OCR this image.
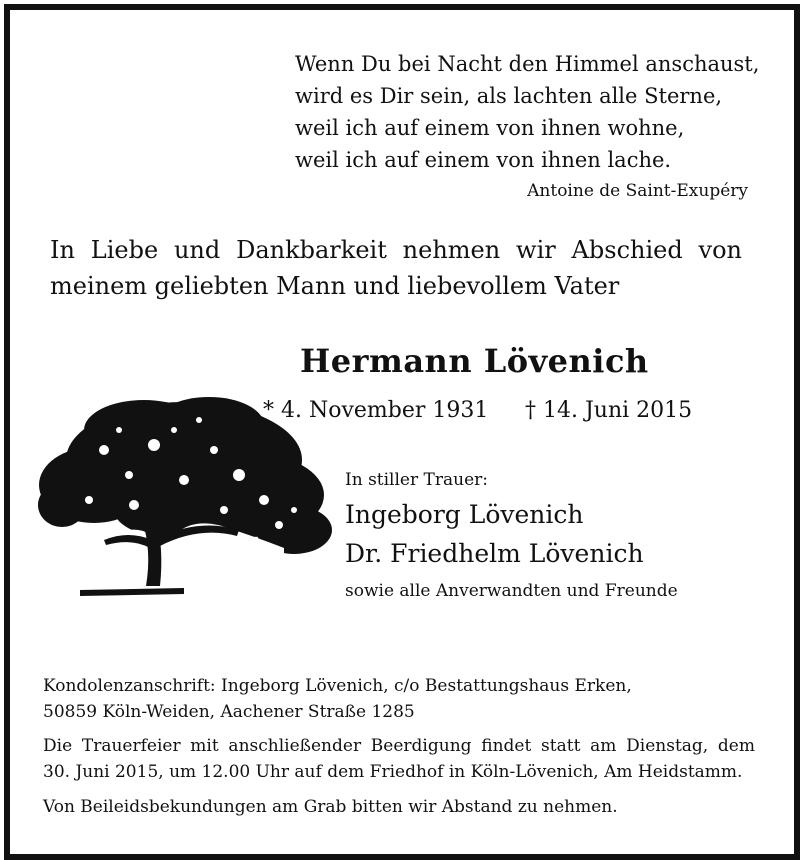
Wenn Du bei Nacht den Himmel anschaust,
wird es Dir sein, als lachten alle Sterne,
weil ich auf einem von ihnen wohne,
weil ich auf einem von ihnen lache.
Antoine de Saint-Exupéry
In Liebe und Dankbarkeit nehmen wir Abschied von
meinem geliebten Mann und liebevollem Vater
Hermann Lövenich
* 4. November 1931 † 14. Juni 2015
In stiller Trauer:
Ingeborg Lövenich
Dr. Friedhelm Lövenich
sowie alle Anverwandten und Freunde
Kondolenzanschrift: Ingeborg Lövenich, c/o Bestattungshaus Erken,
50859 Köln-Weiden, Aachener Straße 1285
Die Trauerfeier mit anschließender Beerdigung findet statt am Dienstag, dem
30. Juni 2015, um 12.00 Uhr auf dem Friedhof in Köln-Lövenich, Am Heidstamm.
Von Beileidsbekundungen am Grab bitten wir Abstand zu nehmen.
